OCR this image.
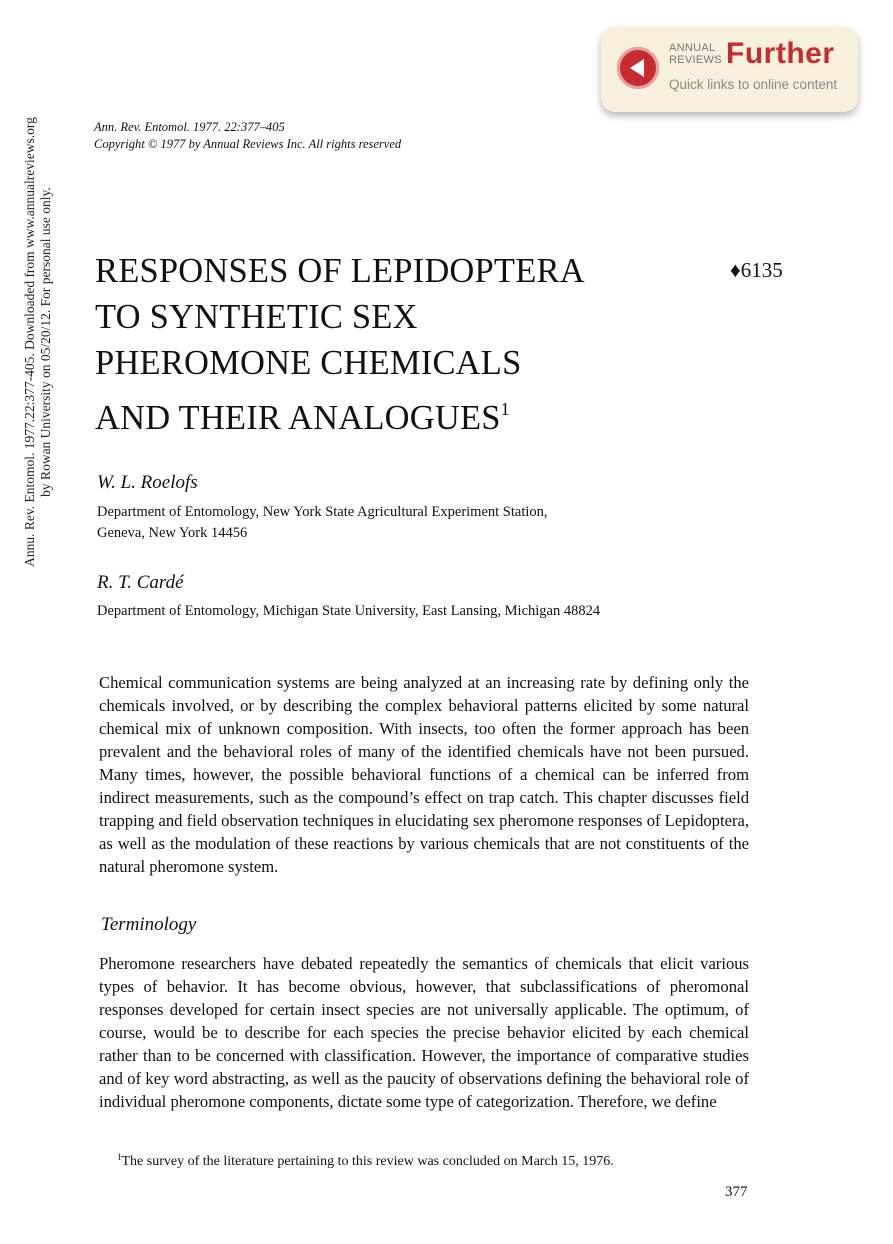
ANNUAL
REVIEWS Further
Quick links to online content
Ann. Rev. Entomol. 1977. 22:377–405
Copyright © 1977 by Annual Reviews Inc. All rights reserved
RESPONSES OF LEPIDOPTERA
TO SYNTHETIC SEX
PHEROMONE CHEMICALS
AND THEIR ANALOGUES$^1$
♦6135
W. L. Roelofs
Department of Entomology, New York State Agricultural Experiment Station,
Geneva, New York 14456
R. T. Cardé
Department of Entomology, Michigan State University, East Lansing, Michigan 48824
Annu. Rev. Entomol. 1977.22:377-405. Downloaded from www.annualreviews.org by Rowan University on 05/20/12. For personal use only.

Chemical communication systems are being analyzed at an increasing rate by defining only the chemicals involved, or by describing the complex behavioral patterns elicited by some natural chemical mix of unknown composition. With insects, too often the former approach has been prevalent and the behavioral roles of many of the identified chemicals have not been pursued. Many times, however, the possible behavioral functions of a chemical can be inferred from indirect measurements, such as the compound’s effect on trap catch. This chapter discusses field trapping and field observation techniques in elucidating sex pheromone responses of Lepidoptera, as well as the modulation of these reactions by various chemicals that are not constituents of the natural pheromone system.

Terminology

Pheromone researchers have debated repeatedly the semantics of chemicals that elicit various types of behavior. It has become obvious, however, that subclassifications of pheromonal responses developed for certain insect species are not universally applicable. The optimum, of course, would be to describe for each species the precise behavior elicited by each chemical rather than to be concerned with classification. However, the importance of comparative studies and of key word abstracting, as well as the paucity of observations defining the behavioral role of individual pheromone components, dictate some type of categorization. Therefore, we define

$^1$The survey of the literature pertaining to this review was concluded on March 15, 1976.
377
